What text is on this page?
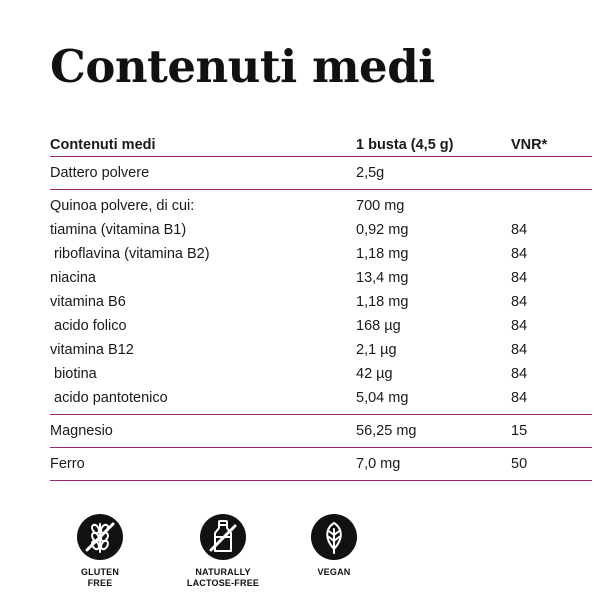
Contenuti medi
Contenuti medi	1 busta (4,5 g)	VNR*
Dattero polvere	2,5g	
Quinoa polvere, di cui:	700 mg	
tiamina (vitamina B1)	0,92 mg	84
riboflavina (vitamina B2)	1,18 mg	84
niacina	13,4 mg	84
vitamina B6	1,18 mg	84
acido folico	168 µg	84
vitamina B12	2,1 µg	84
biotina	42 µg	84
acido pantotenico	5,04 mg	84
Magnesio	56,25 mg	15
Ferro	7,0 mg	50
GLUTEN
FREE
NATURALLY
LACTOSE-FREE
VEGAN
